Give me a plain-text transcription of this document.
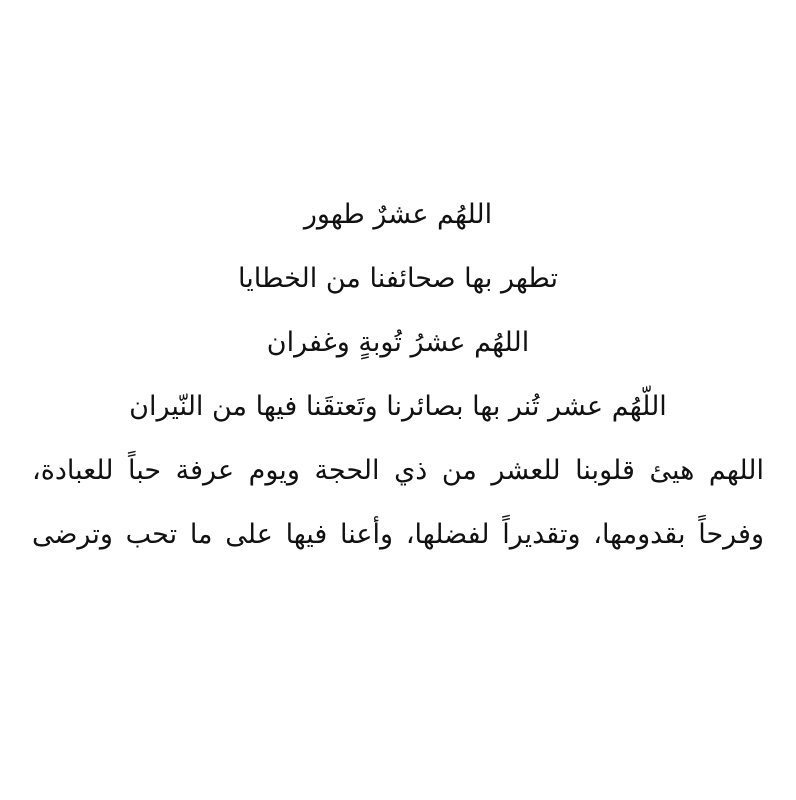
اللهُم عشرٌ طهور
تطهر بها صحائفنا من الخطايا
اللهُم عشرُ تُوبةٍ وغفران
اللّهُم عشر تُنر بها بصائرنا وتَعتقَنا فيها من النّيران
اللهم هيئ قلوبنا للعشر من ذي الحجة ويوم عرفة حباً للعبادة،
وفرحاً بقدومها، وتقديراً لفضلها، وأعنا فيها على ما تحب وترضى
